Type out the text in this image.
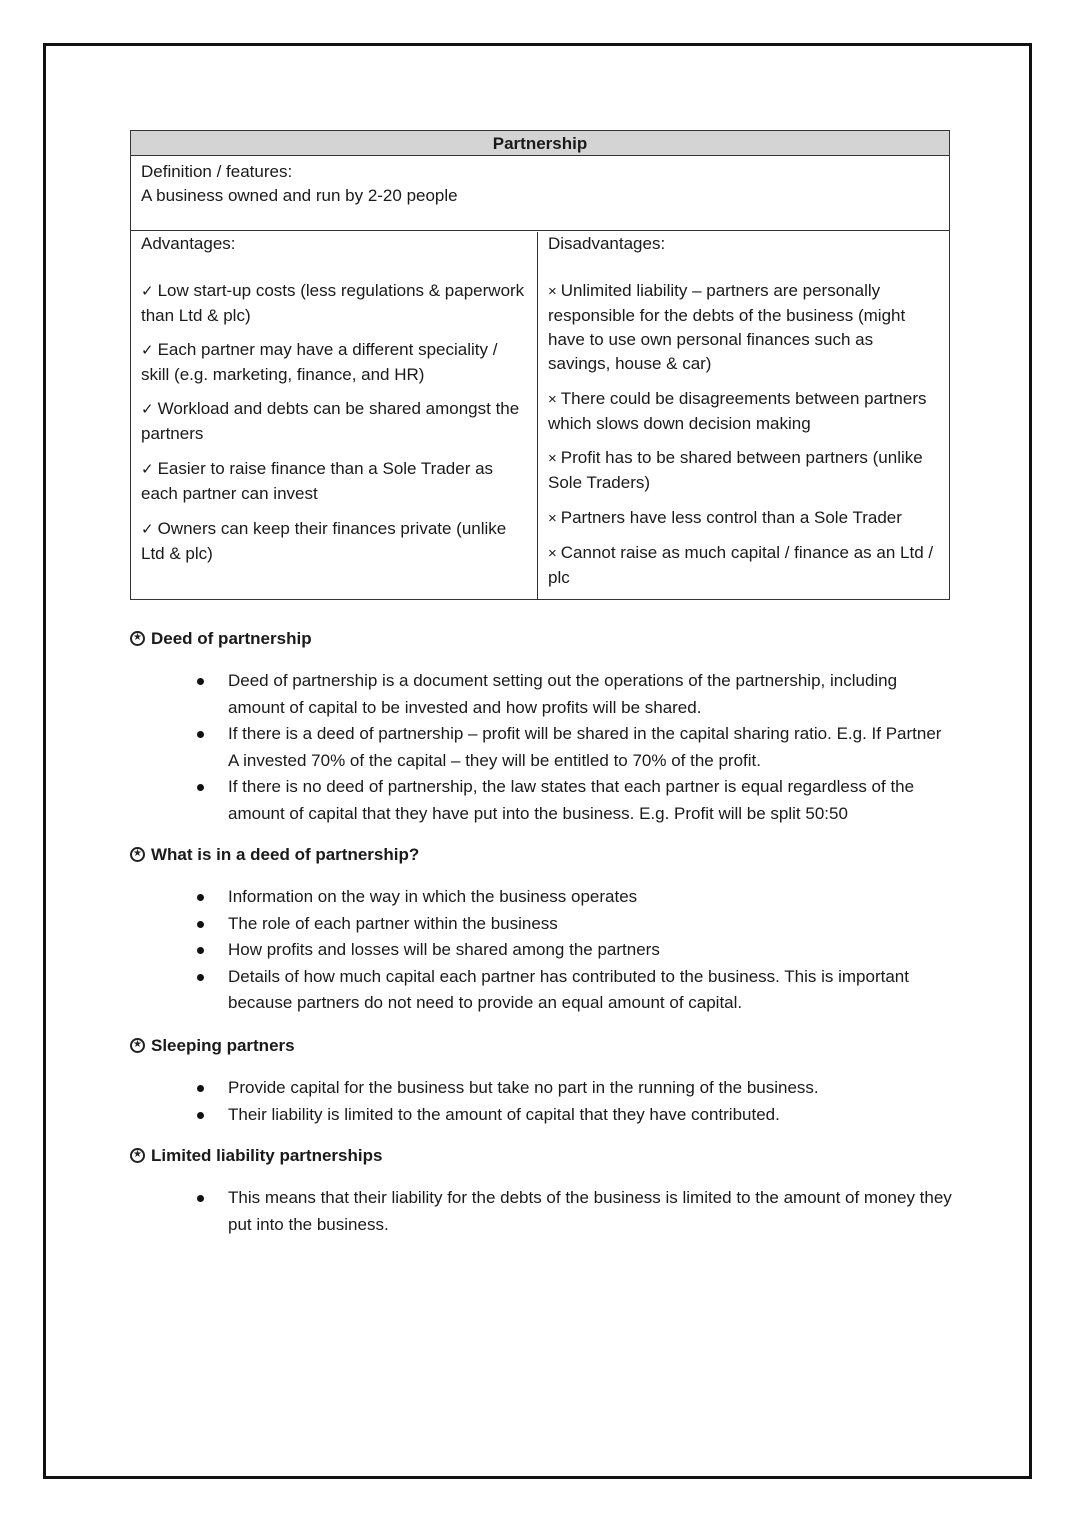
Partnership
Definition / features:
A business owned and run by 2-20 people
Advantages:
✓ Low start-up costs (less regulations & paperwork than Ltd & plc)
✓ Each partner may have a different speciality / skill (e.g. marketing, finance, and HR)
✓ Workload and debts can be shared amongst the partners
✓ Easier to raise finance than a Sole Trader as each partner can invest
✓ Owners can keep their finances private (unlike Ltd & plc)
Disadvantages:
× Unlimited liability – partners are personally responsible for the debts of the business (might have to use own personal finances such as savings, house & car)
× There could be disagreements between partners which slows down decision making
× Profit has to be shared between partners (unlike Sole Traders)
× Partners have less control than a Sole Trader
× Cannot raise as much capital / finance as an Ltd / plc
★Deed of partnership
Deed of partnership is a document setting out the operations of the partnership, including amount of capital to be invested and how profits will be shared.
If there is a deed of partnership – profit will be shared in the capital sharing ratio. E.g. If Partner A invested 70% of the capital – they will be entitled to 70% of the profit.
If there is no deed of partnership, the law states that each partner is equal regardless of the amount of capital that they have put into the business. E.g. Profit will be split 50:50
★What is in a deed of partnership?
Information on the way in which the business operates
The role of each partner within the business
How profits and losses will be shared among the partners
Details of how much capital each partner has contributed to the business. This is important because partners do not need to provide an equal amount of capital.
★Sleeping partners
Provide capital for the business but take no part in the running of the business.
Their liability is limited to the amount of capital that they have contributed.
★Limited liability partnerships
This means that their liability for the debts of the business is limited to the amount of money they put into the business.
